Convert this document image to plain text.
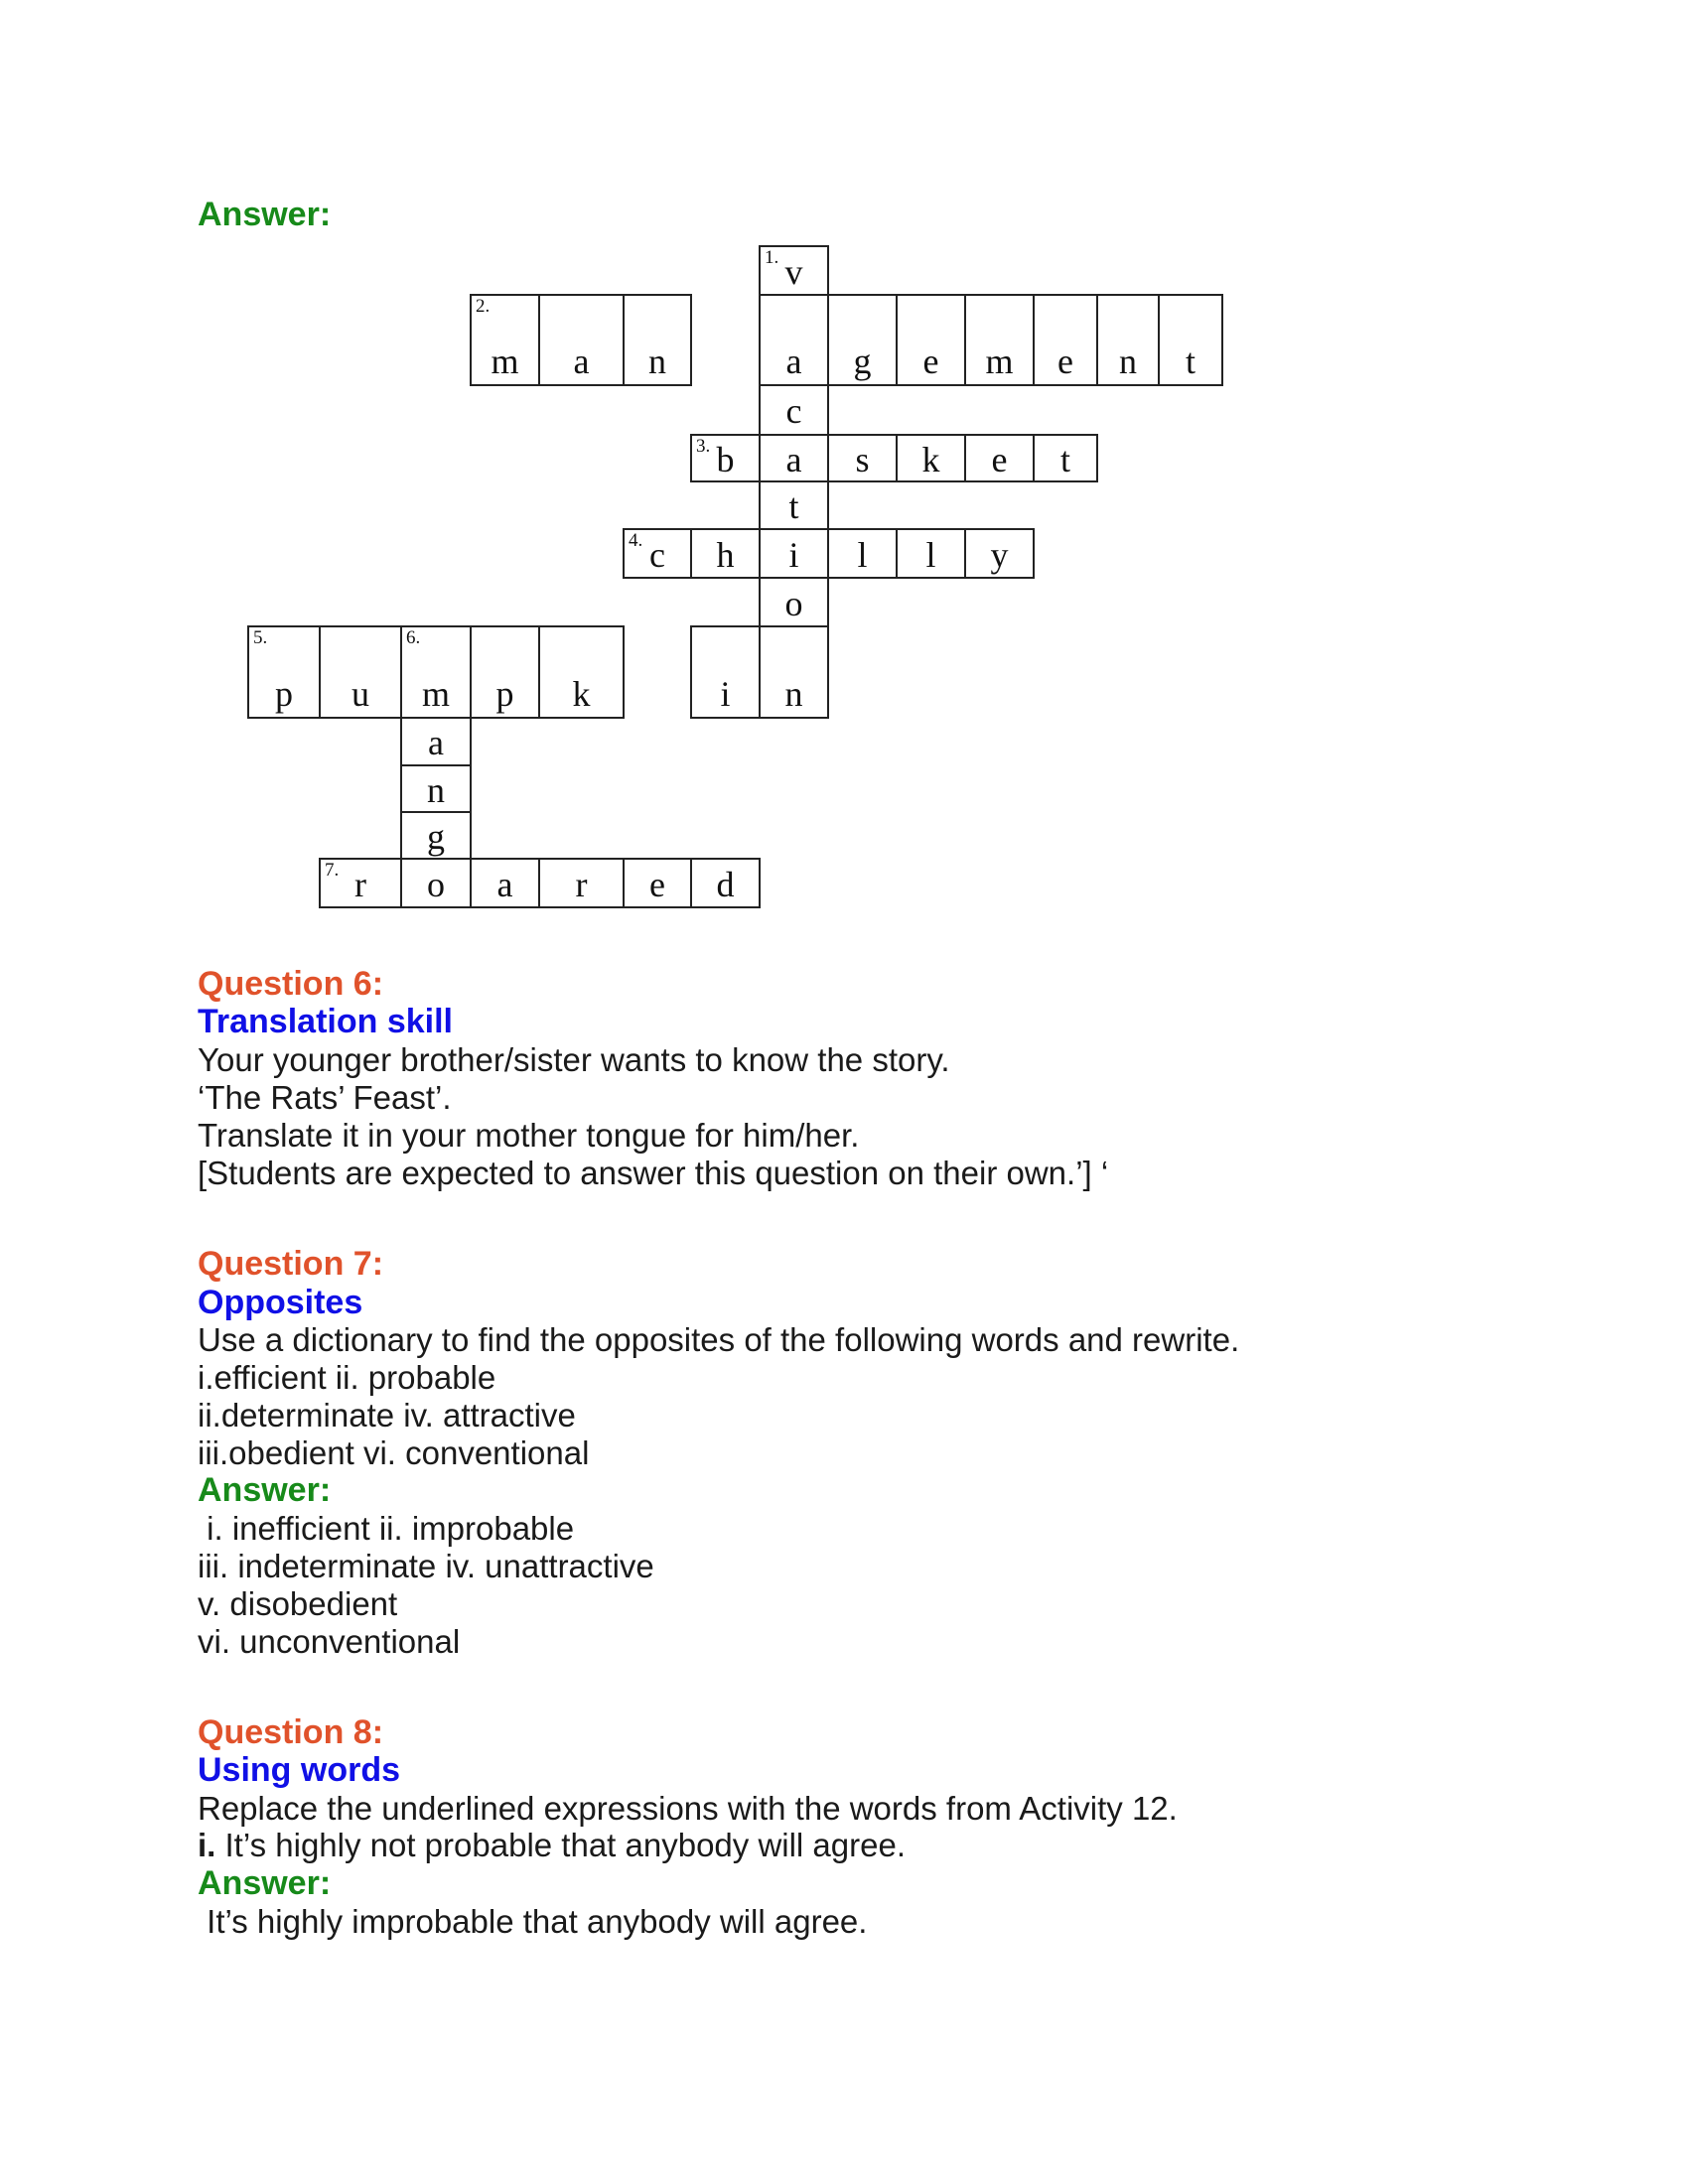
Answer:
1. v
2.
m	a	n	a	g	e	m	e	n	t
c
3. b	a	s	k	e	t
t
4. c	h	i	l	l	y
o
5.
p	u
6.
m	p	k	i	n
a
n
g
7. r	o	a	r	e	d
Question 6:
Translation skill
Your younger brother/sister wants to know the story.
‘The Rats’ Feast’.
Translate it in your mother tongue for him/her.
[Students are expected to answer this question on their own.’] ‘
Question 7:
Opposites
Use a dictionary to find the opposites of the following words and rewrite.
i.efficient ii. probable
ii.determinate iv. attractive
iii.obedient vi. conventional
Answer:
i. inefficient ii. improbable
iii. indeterminate iv. unattractive
v. disobedient
vi. unconventional
Question 8:
Using words
Replace the underlined expressions with the words from Activity 12.
i. It’s highly not probable that anybody will agree.
Answer:
It’s highly improbable that anybody will agree.
